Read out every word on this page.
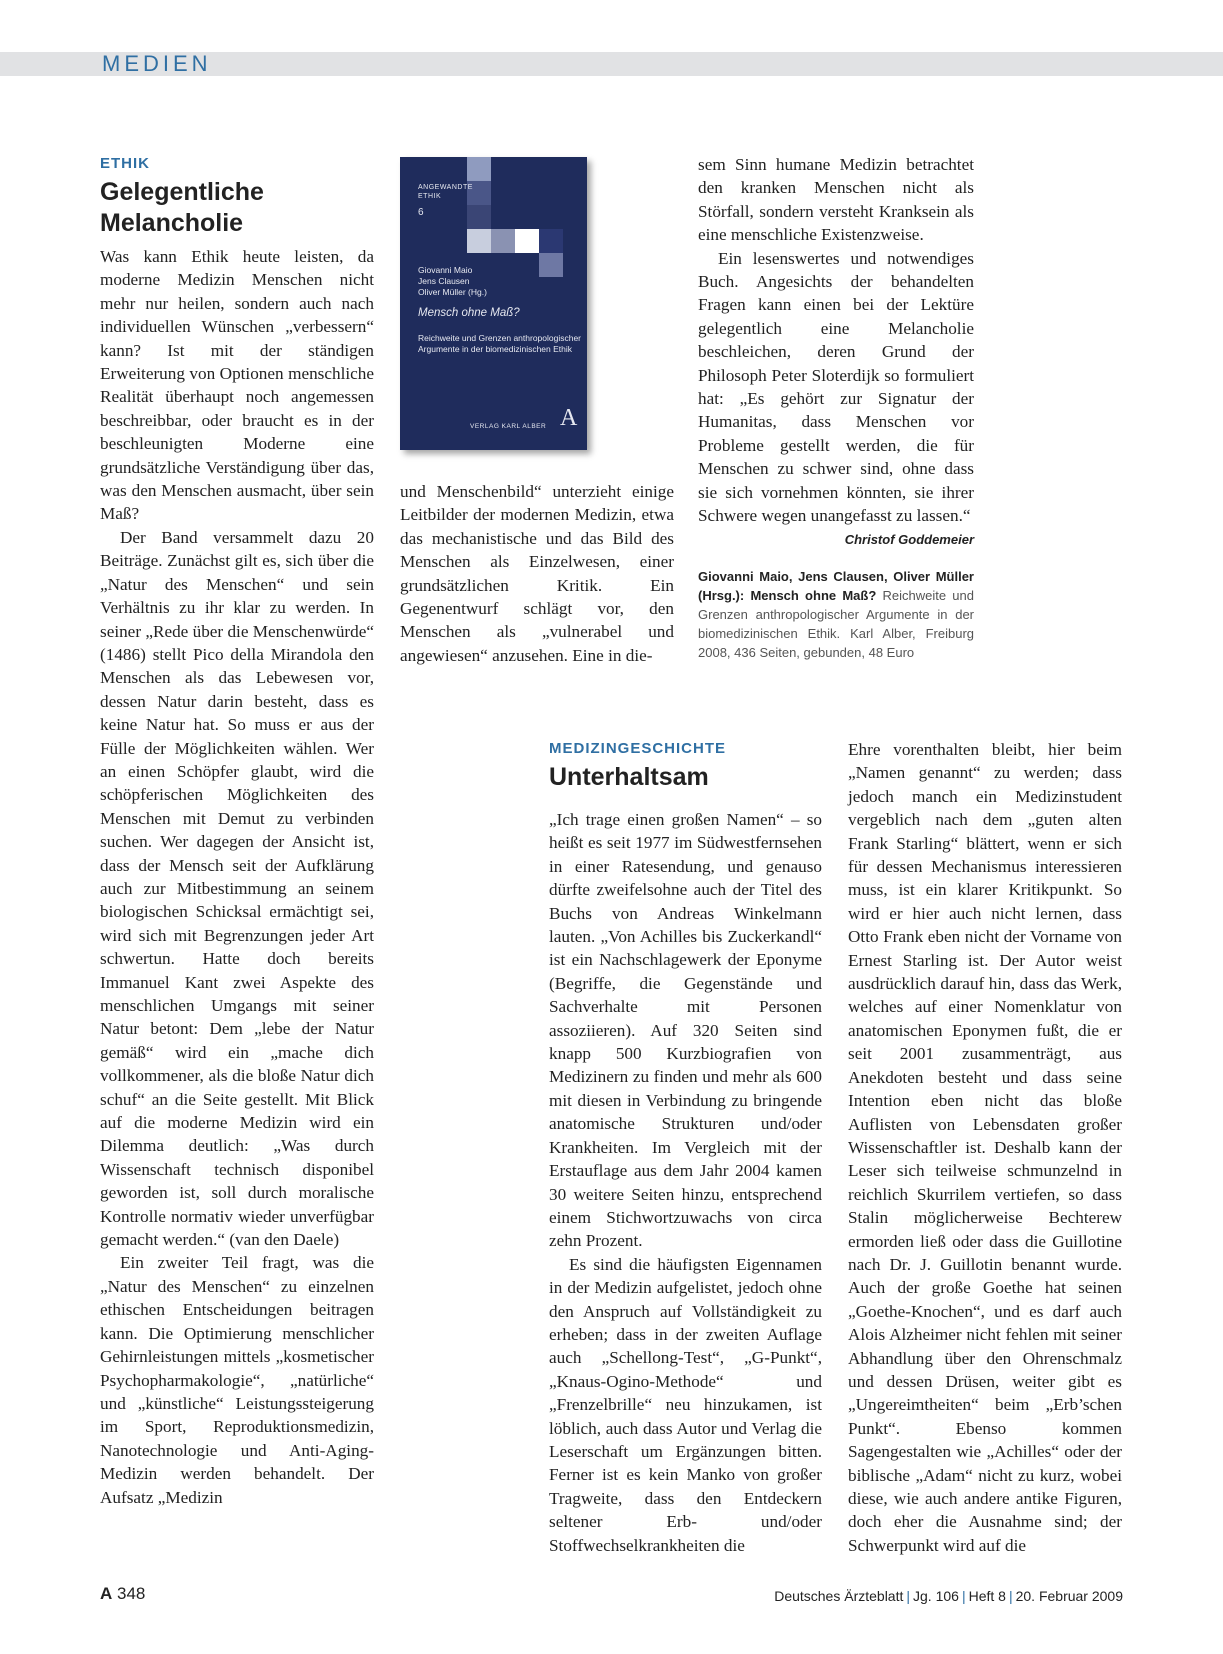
MEDIEN
ETHIK
Gelegentliche
Melancholie

Was kann Ethik heute leisten, da moderne Medizin Menschen nicht mehr nur heilen, sondern auch nach individuellen Wünschen „verbessern“ kann? Ist mit der ständigen Erweiterung von Optionen menschliche Realität überhaupt noch angemessen beschreibbar, oder braucht es in der beschleunigten Moderne eine grundsätzliche Verständigung über das, was den Menschen ausmacht, über sein Maß?

Der Band versammelt dazu 20 Beiträge. Zunächst gilt es, sich über die „Natur des Menschen“ und sein Verhältnis zu ihr klar zu werden. In seiner „Rede über die Menschenwürde“ (1486) stellt Pico della Mirandola den Menschen als das Lebewesen vor, dessen Natur darin besteht, dass es keine Natur hat. So muss er aus der Fülle der Möglichkeiten wählen. Wer an einen Schöpfer glaubt, wird die schöpferischen Möglichkeiten des Menschen mit Demut zu verbinden suchen. Wer dagegen der Ansicht ist, dass der Mensch seit der Aufklärung auch zur Mitbestimmung an seinem biologischen Schicksal ermächtigt sei, wird sich mit Begrenzungen jeder Art schwertun. Hatte doch bereits Immanuel Kant zwei Aspekte des menschlichen Umgangs mit seiner Natur betont: Dem „lebe der Natur gemäß“ wird ein „mache dich vollkommener, als die bloße Natur dich schuf“ an die Seite gestellt. Mit Blick auf die moderne Medizin wird ein Dilemma deutlich: „Was durch Wissenschaft technisch disponibel geworden ist, soll durch moralische Kontrolle normativ wieder unverfügbar gemacht werden.“ (van den Daele)

Ein zweiter Teil fragt, was die „Natur des Menschen“ zu einzelnen ethischen Entscheidungen beitragen kann. Die Optimierung menschlicher Gehirnleistungen mittels „kosmetischer Psychopharmakologie“, „natürliche“ und „künstliche“ Leistungssteigerung im Sport, Reproduktionsmedizin, Nanotechnologie und Anti-Aging-Medizin werden behandelt. Der Aufsatz „Medizin

ANGEWANDTE ETHIK
6
Giovanni Maio
Jens Clausen
Oliver Müller (Hg.)
Mensch ohne Maß?
Reichweite und Grenzen anthropologischer Argumente in der biomedizinischen Ethik
VERLAG KARL ALBER A

und Menschenbild“ unterzieht einige Leitbilder der modernen Medizin, etwa das mechanistische und das Bild des Menschen als Einzelwesen, einer grundsätzlichen Kritik. Ein Gegenentwurf schlägt vor, den Menschen als „vulnerabel und angewiesen“ anzusehen. Eine in die-

sem Sinn humane Medizin betrachtet den kranken Menschen nicht als Störfall, sondern versteht Kranksein als eine menschliche Existenzweise.

Ein lesenswertes und notwendiges Buch. Angesichts der behandelten Fragen kann einen bei der Lektüre gelegentlich eine Melancholie beschleichen, deren Grund der Philosoph Peter Sloterdijk so formuliert hat: „Es gehört zur Signatur der Humanitas, dass Menschen vor Probleme gestellt werden, die für Menschen zu schwer sind, ohne dass sie sich vornehmen könnten, sie ihrer Schwere wegen unangefasst zu lassen.“
Christof Goddemeier

Giovanni Maio, Jens Clausen, Oliver Müller (Hrsg.): Mensch ohne Maß? Reichweite und Grenzen anthropologischer Argumente in der biomedizinischen Ethik. Karl Alber, Freiburg 2008, 436 Seiten, gebunden, 48 Euro
MEDIZINGESCHICHTE
Unterhaltsam

„Ich trage einen großen Namen“ – so heißt es seit 1977 im Südwestfernsehen in einer Ratesendung, und genauso dürfte zweifelsohne auch der Titel des Buchs von Andreas Winkelmann lauten. „Von Achilles bis Zuckerkandl“ ist ein Nachschlagewerk der Eponyme (Begriffe, die Gegenstände und Sachverhalte mit Personen assoziieren). Auf 320 Seiten sind knapp 500 Kurzbiografien von Medizinern zu finden und mehr als 600 mit diesen in Verbindung zu bringende anatomische Strukturen und/oder Krankheiten. Im Vergleich mit der Erstauflage aus dem Jahr 2004 kamen 30 weitere Seiten hinzu, entsprechend einem Stichwortzuwachs von circa zehn Prozent.

Es sind die häufigsten Eigennamen in der Medizin aufgelistet, jedoch ohne den Anspruch auf Vollständigkeit zu erheben; dass in der zweiten Auflage auch „Schellong-Test“, „G-Punkt“, „Knaus-Ogino-Methode“ und „Frenzelbrille“ neu hinzukamen, ist löblich, auch dass Autor und Verlag die Leserschaft um Ergänzungen bitten. Ferner ist es kein Manko von großer Tragweite, dass den Entdeckern seltener Erb- und/oder Stoffwechselkrankheiten die

Ehre vorenthalten bleibt, hier beim „Namen genannt“ zu werden; dass jedoch manch ein Medizinstudent vergeblich nach dem „guten alten Frank Starling“ blättert, wenn er sich für dessen Mechanismus interessieren muss, ist ein klarer Kritikpunkt. So wird er hier auch nicht lernen, dass Otto Frank eben nicht der Vorname von Ernest Starling ist. Der Autor weist ausdrücklich darauf hin, dass das Werk, welches auf einer Nomenklatur von anatomischen Eponymen fußt, die er seit 2001 zusammenträgt, aus Anekdoten besteht und dass seine Intention eben nicht das bloße Auflisten von Lebensdaten großer Wissenschaftler ist. Deshalb kann der Leser sich teilweise schmunzelnd in reichlich Skurrilem vertiefen, so dass Stalin möglicherweise Bechterew ermorden ließ oder dass die Guillotine nach Dr. J. Guillotin benannt wurde. Auch der große Goethe hat seinen „Goethe-Knochen“, und es darf auch Alois Alzheimer nicht fehlen mit seiner Abhandlung über den Ohrenschmalz und dessen Drüsen, weiter gibt es „Ungereimtheiten“ beim „Erb’schen Punkt“. Ebenso kommen Sagengestalten wie „Achilles“ oder der biblische „Adam“ nicht zu kurz, wobei diese, wie auch andere antike Figuren, doch eher die Ausnahme sind; der Schwerpunkt wird auf die

A 348	Deutsches Ärzteblatt | Jg. 106 | Heft 8 | 20. Februar 2009
